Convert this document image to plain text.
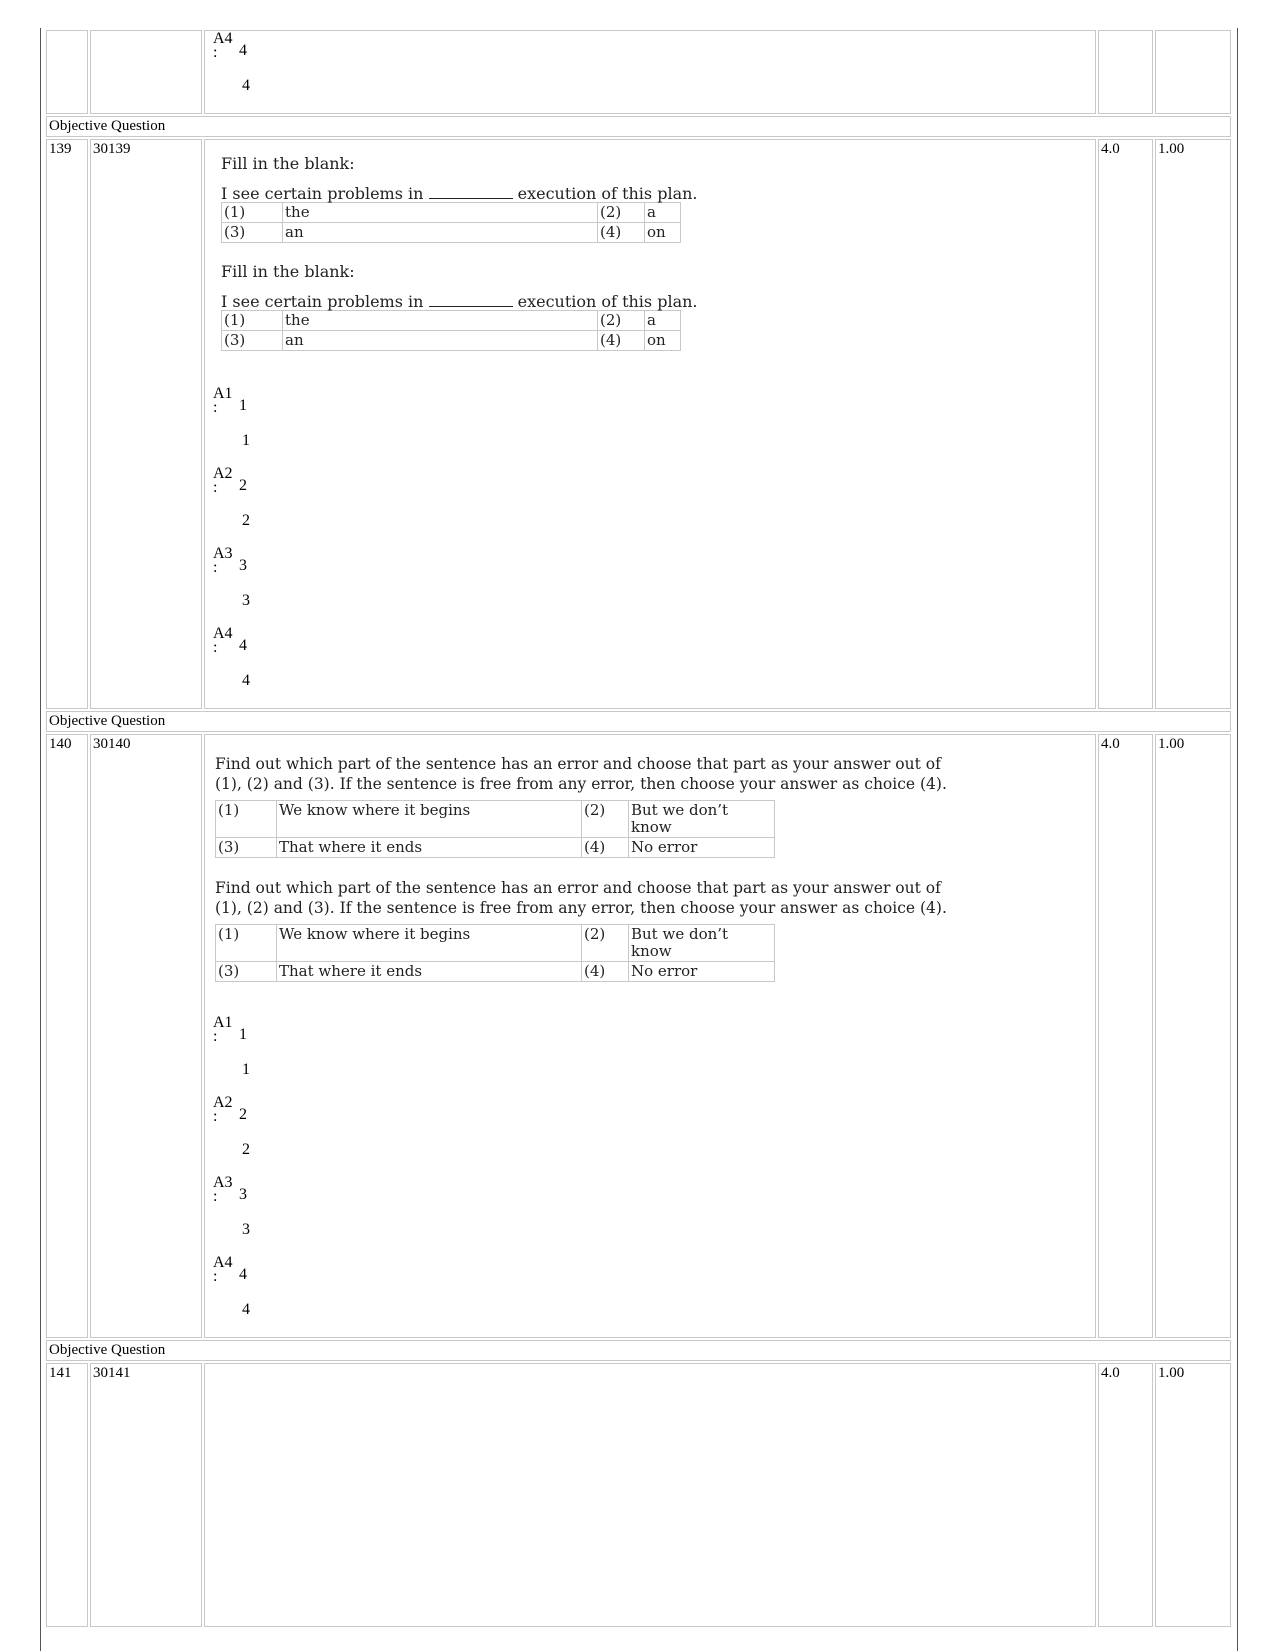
A4
:	4
4

Objective Question
139	30139	

Fill in the blank:

I see certain problems in	execution of this plan.

(1)	the	(2)	a
(3)	an	(4)	on

Fill in the blank:

I see certain problems in	execution of this plan.

(1)	the	(2)	a
(3)	an	(4)	on
A1
:	1
1
A2
:	2
2
A3
:	3
3
A4
:	4
4
	4.0	1.00
Objective Question
140	30140	

Find out which part of the sentence has an error and choose that part as your answer out of

(1), (2) and (3). If the sentence is free from any error, then choose your answer as choice (4).

(1)	We know where it begins	(2)	But we don’t know
(3)	That where it ends	(4)	No error

Find out which part of the sentence has an error and choose that part as your answer out of

(1), (2) and (3). If the sentence is free from any error, then choose your answer as choice (4).

(1)	We know where it begins	(2)	But we don’t know
(3)	That where it ends	(4)	No error
A1
:	1
1
A2
:	2
2
A3
:	3
3
A4
:	4
4
	4.0	1.00
Objective Question
141	30141		4.0	1.00
